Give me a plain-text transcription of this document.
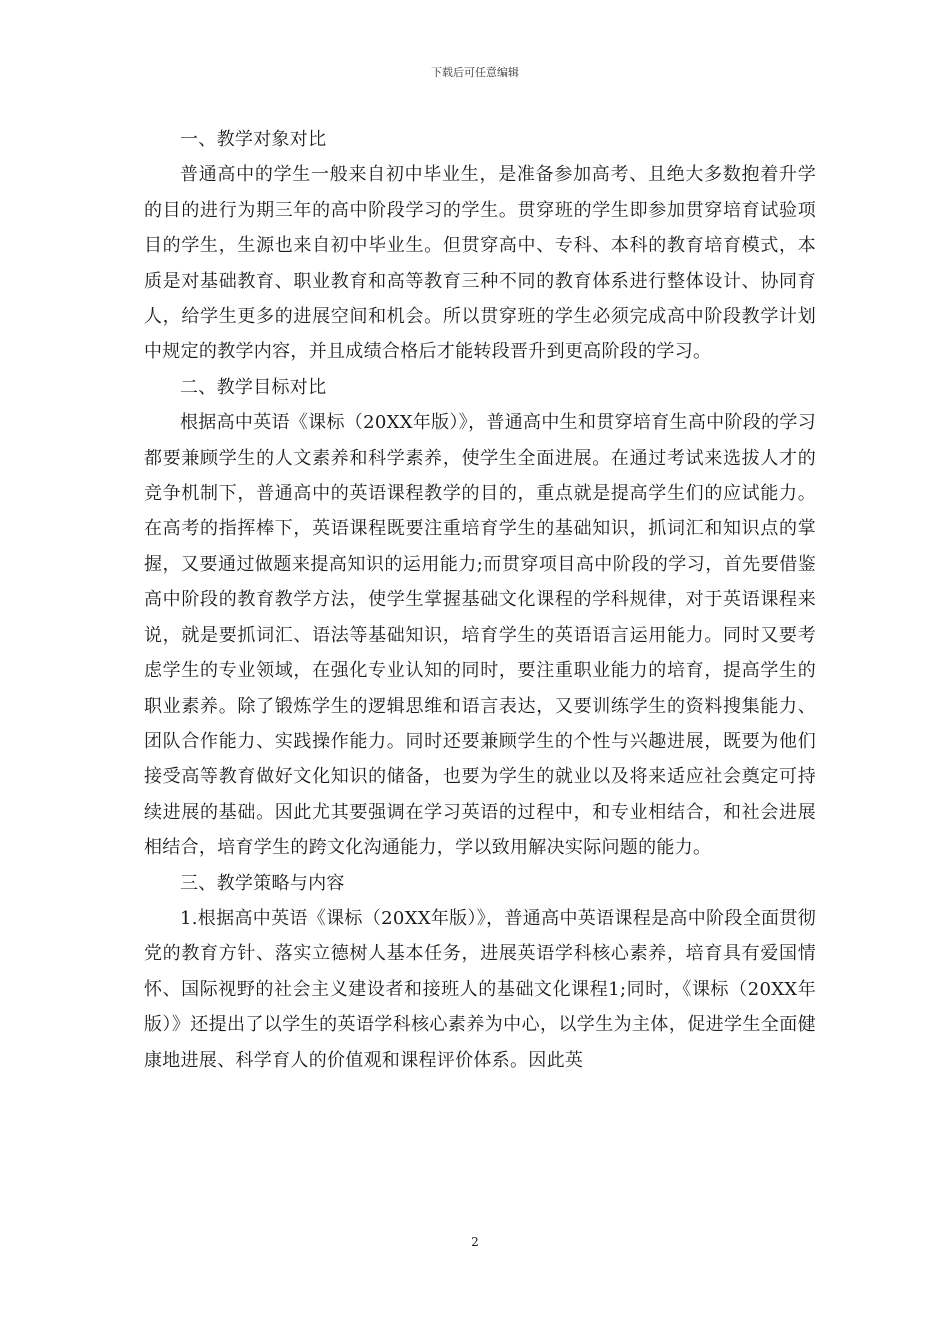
下载后可任意编辑

一、教学对象对比

普通高中的学生一般来自初中毕业生，是准备参加高考、且绝大多数抱着升学的目的进行为期三年的高中阶段学习的学生。贯穿班的学生即参加贯穿培育试验项目的学生，生源也来自初中毕业生。但贯穿高中、专科、本科的教育培育模式，本质是对基础教育、职业教育和高等教育三种不同的教育体系进行整体设计、协同育人，给学生更多的进展空间和机会。所以贯穿班的学生必须完成高中阶段教学计划中规定的教学内容，并且成绩合格后才能转段晋升到更高阶段的学习。

二、教学目标对比

根据高中英语《课标（20XX年版）》，普通高中生和贯穿培育生高中阶段的学习都要兼顾学生的人文素养和科学素养，使学生全面进展。在通过考试来选拔人才的竞争机制下，普通高中的英语课程教学的目的，重点就是提高学生们的应试能力。在高考的指挥棒下，英语课程既要注重培育学生的基础知识，抓词汇和知识点的掌握，又要通过做题来提高知识的运用能力;而贯穿项目高中阶段的学习，首先要借鉴高中阶段的教育教学方法，使学生掌握基础文化课程的学科规律，对于英语课程来说，就是要抓词汇、语法等基础知识，培育学生的英语语言运用能力。同时又要考虑学生的专业领域，在强化专业认知的同时，要注重职业能力的培育，提高学生的职业素养。除了锻炼学生的逻辑思维和语言表达，又要训练学生的资料搜集能力、团队合作能力、实践操作能力。同时还要兼顾学生的个性与兴趣进展，既要为他们接受高等教育做好文化知识的储备，也要为学生的就业以及将来适应社会奠定可持续进展的基础。因此尤其要强调在学习英语的过程中，和专业相结合，和社会进展相结合，培育学生的跨文化沟通能力，学以致用解决实际问题的能力。

三、教学策略与内容

1.根据高中英语《课标（20XX年版）》，普通高中英语课程是高中阶段全面贯彻党的教育方针、落实立德树人基本任务，进展英语学科核心素养，培育具有爱国情怀、国际视野的社会主义建设者和接班人的基础文化课程1;同时，《课标（20XX年版）》还提出了以学生的英语学科核心素养为中心，以学生为主体，促进学生全面健康地进展、科学育人的价值观和课程评价体系。因此英

2
